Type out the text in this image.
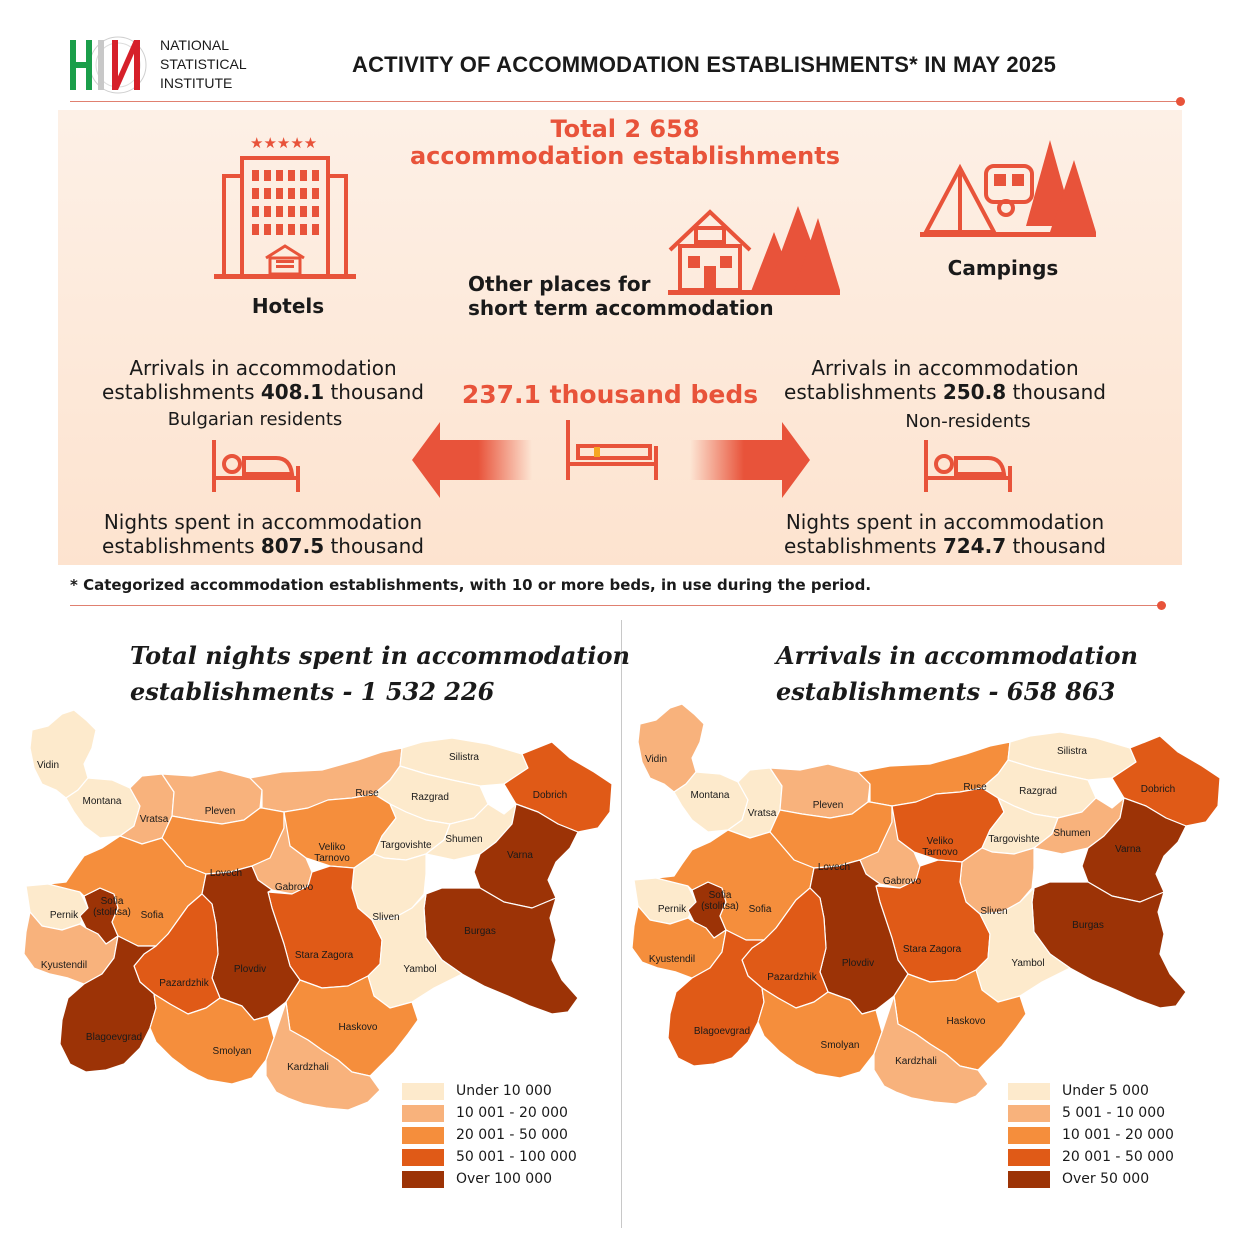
NATIONAL
STATISTICAL
INSTITUTE
ACTIVITY OF ACCOMMODATION ESTABLISHMENTS* IN MAY 2025
Total 2 658
accommodation establishments
★★★★★
Hotels
Other places for
short term accommodation
Campings
Arrivals in accommodation
establishments 408.1 thousand
Bulgarian residents
Nights spent in accommodation
establishments 807.5 thousand
237.1 thousand beds
Arrivals in accommodation
establishments 250.8 thousand
Non-residents
Nights spent in accommodation
establishments 724.7 thousand
* Categorized accommodation establishments, with 10 or more beds, in use during the period.
Total nights spent in accommodation
establishments - 1 532 226
Vidin
Montana
Vratsa
Pleven
Ruse
Silistra
Razgrad	Dobrich
Veliko Tarnovo
Targovishte
Shumen
Varna
Lovech
Gabrovo
Pernik
Sofia (stolitsa) Sofia
Kyustendil
Sliven
Burgas
Stara Zagora
Plovdiv
Pazardzhik
Yambol
Blagoevgrad
Smolyan
Haskovo
Kardzhali
Under 10 000
10 001 - 20 000
20 001 - 50 000
50 001 - 100 000
Over 100 000
Arrivals in accommodation
establishments - 658 863
Vidin
Montana
Vratsa
Pleven
Ruse
Silistra
Razgrad	Dobrich
Veliko Tarnovo
Targovishte
Shumen
Varna
Lovech
Gabrovo
Pernik
Sofia (stolitsa) Sofia
Kyustendil
Sliven
Burgas
Stara Zagora
Plovdiv
Pazardzhik
Yambol
Blagoevgrad
Smolyan
Haskovo
Kardzhali
Under 5 000
5 001 - 10 000
10 001 - 20 000
20 001 - 50 000
Over 50 000
